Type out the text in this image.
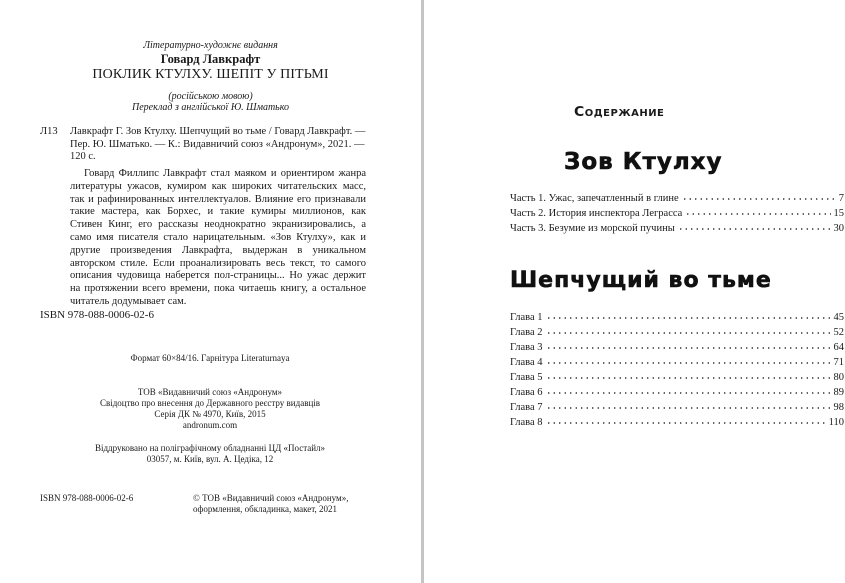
Літературно-художнє видання
Говард Лавкрафт
ПОКЛИК КТУЛХУ. ШЕПІТ У ПІТЬМІ
(російською мовою)
Переклад з англійської Ю. Шматько
Л13 Лавкрафт Г. Зов Ктулху. Шепчущий во тьме / Говард Лавкрафт. —
Пер. Ю. Шматько. — К.: Видавничий союз «Андронум», 2021. —
120 с.
Говард Филлипс Лавкрафт стал маяком и ориентиром жанра литературы ужасов, кумиром как широких читательских масс, так и рафинированных интеллектуалов. Влияние его признавали такие мастера, как Борхес, и такие кумиры миллионов, как Стивен Кинг, его рассказы неоднократно экранизировались, а само имя писателя стало нарицательным. «Зов Ктулху», как и другие произведения Лавкрафта, выдержан в уникальном авторском стиле. Если проанализировать весь текст, то самого описания чудовища наберется пол-страницы... Но ужас держит на протяжении всего времени, пока читаешь книгу, а остальное читатель додумывает сам.
ISBN 978-088-0006-02-6
Формат 60×84/16. Гарнітура Literaturnaya
ТОВ «Видавничий союз «Андронум»
Свідоцтво про внесення до Державного реєстру видавців
Серія ДК № 4970, Київ, 2015
andronum.com
Віддруковано на поліграфічному обладнанні ЦД «Постайл»
03057, м. Київ, вул. А. Цедіка, 12
ISBN 978-088-0006-02-6	© ТОВ «Видавничий союз «Андронум»,
оформлення, обкладинка, макет, 2021
Содержание
Зов Ктулху
Часть 1. Ужас, запечатленный в глине	7
Часть 2. История инспектора Леграсса	15
Часть 3. Безумие из морской пучины	30
Шепчущий во тьме
Глава 1	45
Глава 2	52
Глава 3	64
Глава 4	71
Глава 5	80
Глава 6	89
Глава 7	98
Глава 8	110
